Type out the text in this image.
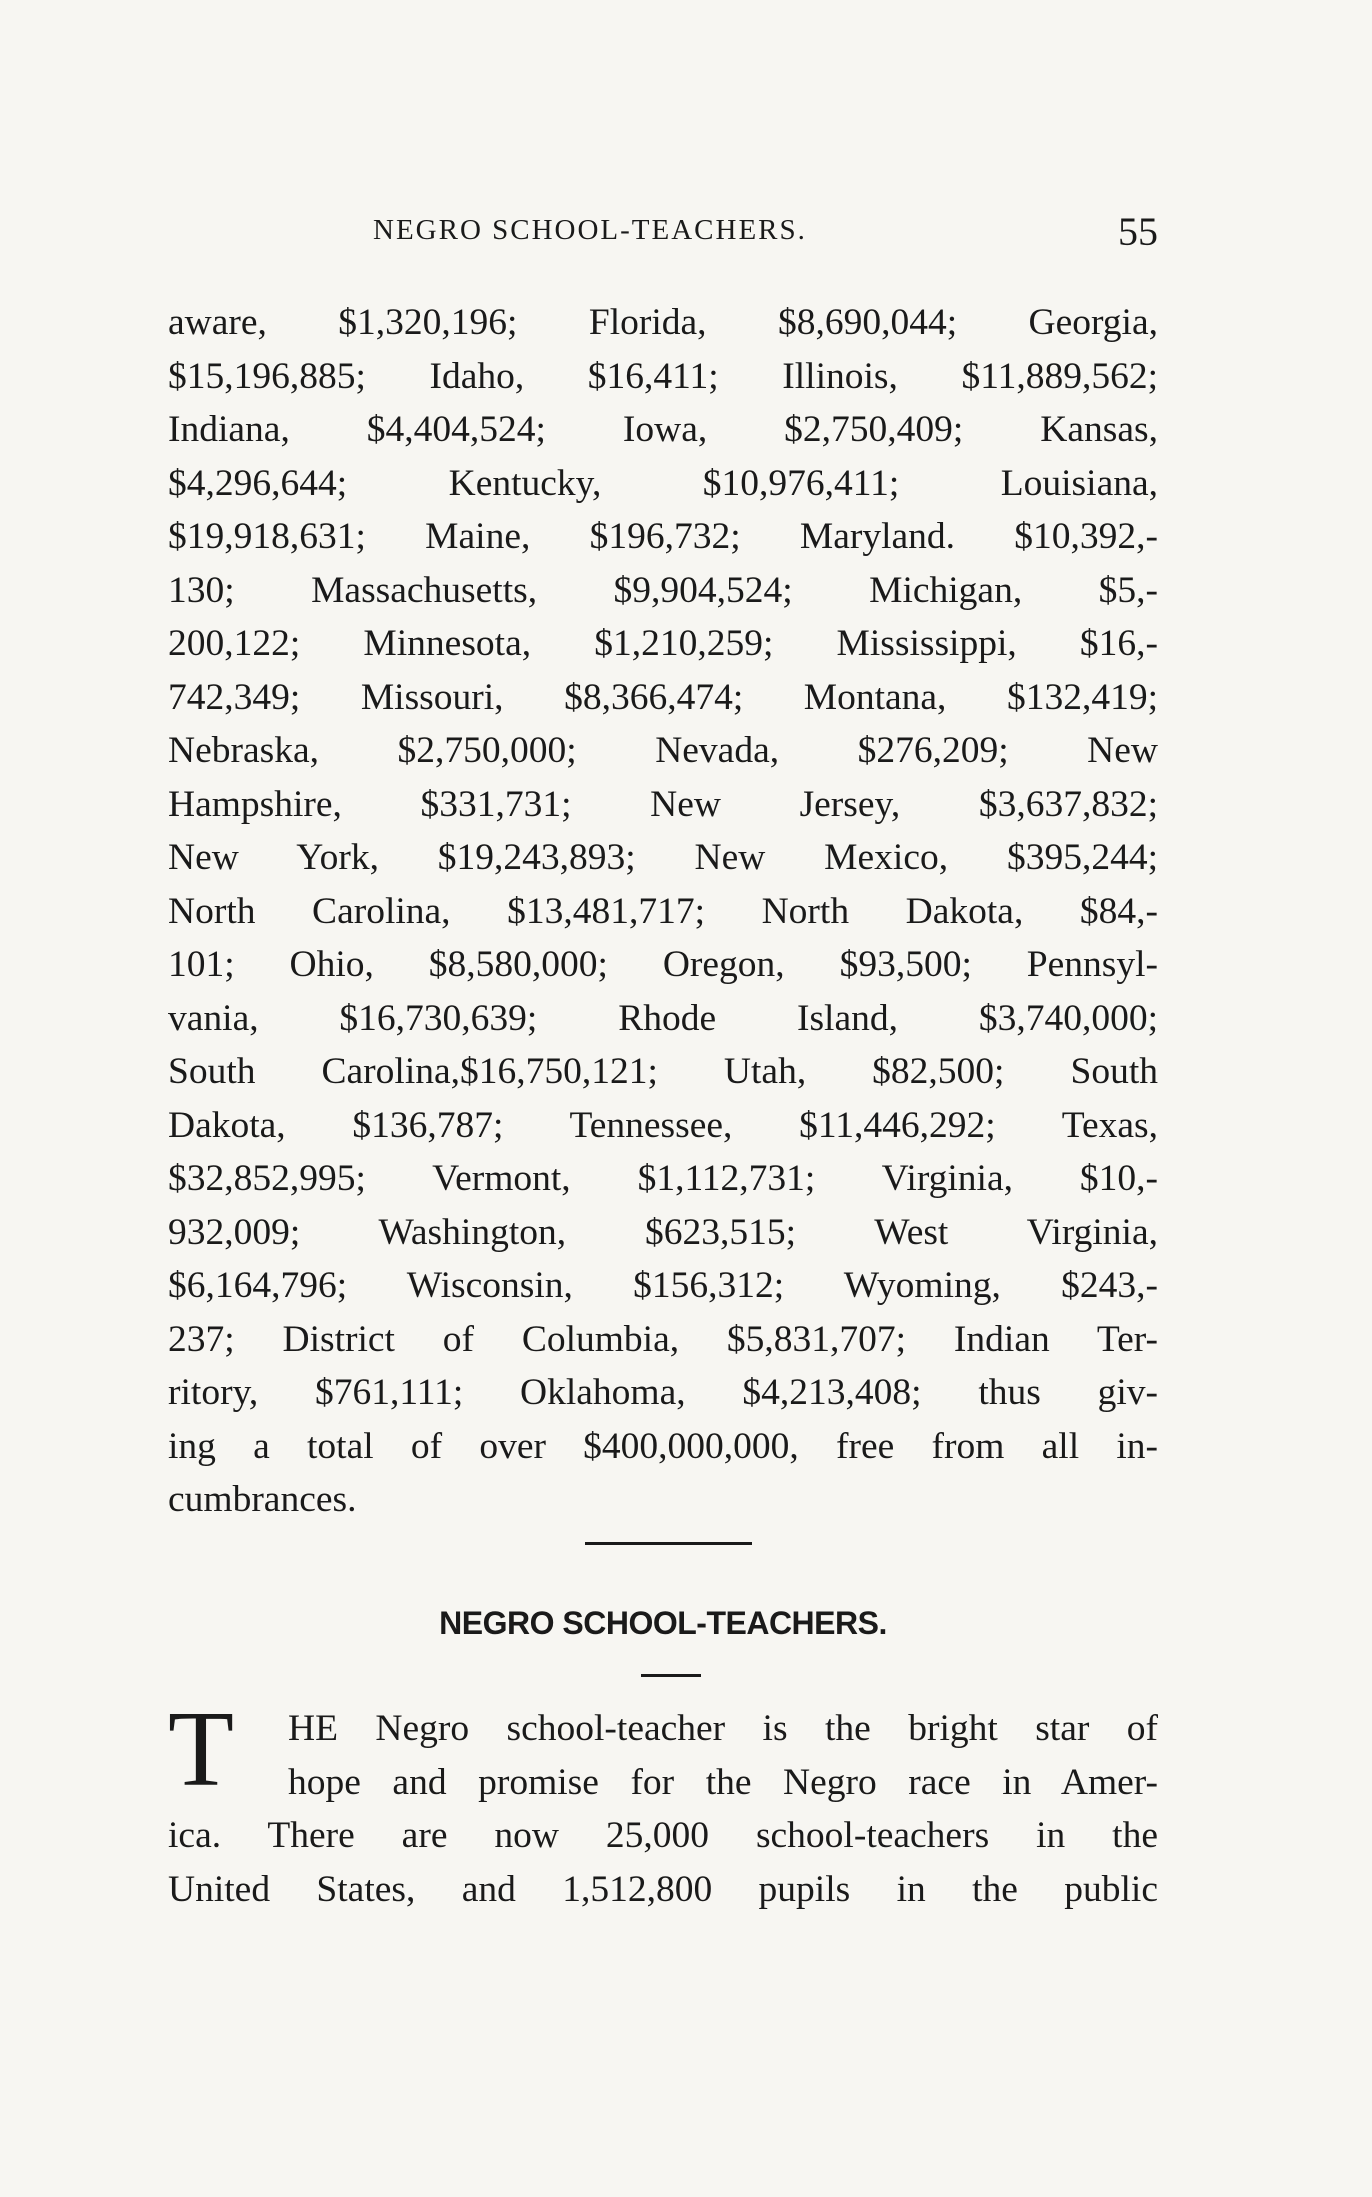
NEGRO SCHOOL-TEACHERS.	55
aware, $1,320,196; Florida, $8,690,044; Georgia,
$15,196,885; Idaho, $16,411; Illinois, $11,889,562;
Indiana, $4,404,524; Iowa, $2,750,409; Kansas,
$4,296,644; Kentucky, $10,976,411; Louisiana,
$19,918,631; Maine, $196,732; Maryland. $10,392,-
130; Massachusetts, $9,904,524; Michigan, $5,-
200,122; Minnesota, $1,210,259; Mississippi, $16,-
742,349; Missouri, $8,366,474; Montana, $132,419;
Nebraska, $2,750,000; Nevada, $276,209; New
Hampshire, $331,731; New Jersey, $3,637,832;
New York, $19,243,893; New Mexico, $395,244;
North Carolina, $13,481,717; North Dakota, $84,-
101; Ohio, $8,580,000; Oregon, $93,500; Pennsyl-
vania, $16,730,639; Rhode Island, $3,740,000;
South Carolina,$16,750,121; Utah, $82,500; South
Dakota, $136,787; Tennessee, $11,446,292; Texas,
$32,852,995; Vermont, $1,112,731; Virginia, $10,-
932,009; Washington, $623,515; West Virginia,
$6,164,796; Wisconsin, $156,312; Wyoming, $243,-
237; District of Columbia, $5,831,707; Indian Ter-
ritory, $761,111; Oklahoma, $4,213,408; thus giv-
ing a total of over $400,000,000, free from all in-
cumbrances.
NEGRO SCHOOL-TEACHERS.
T	HE Negro school-teacher is the bright star of
hope and promise for the Negro race in Amer-
ica. There are now 25,000 school-teachers in the
United States, and 1,512,800 pupils in the public
